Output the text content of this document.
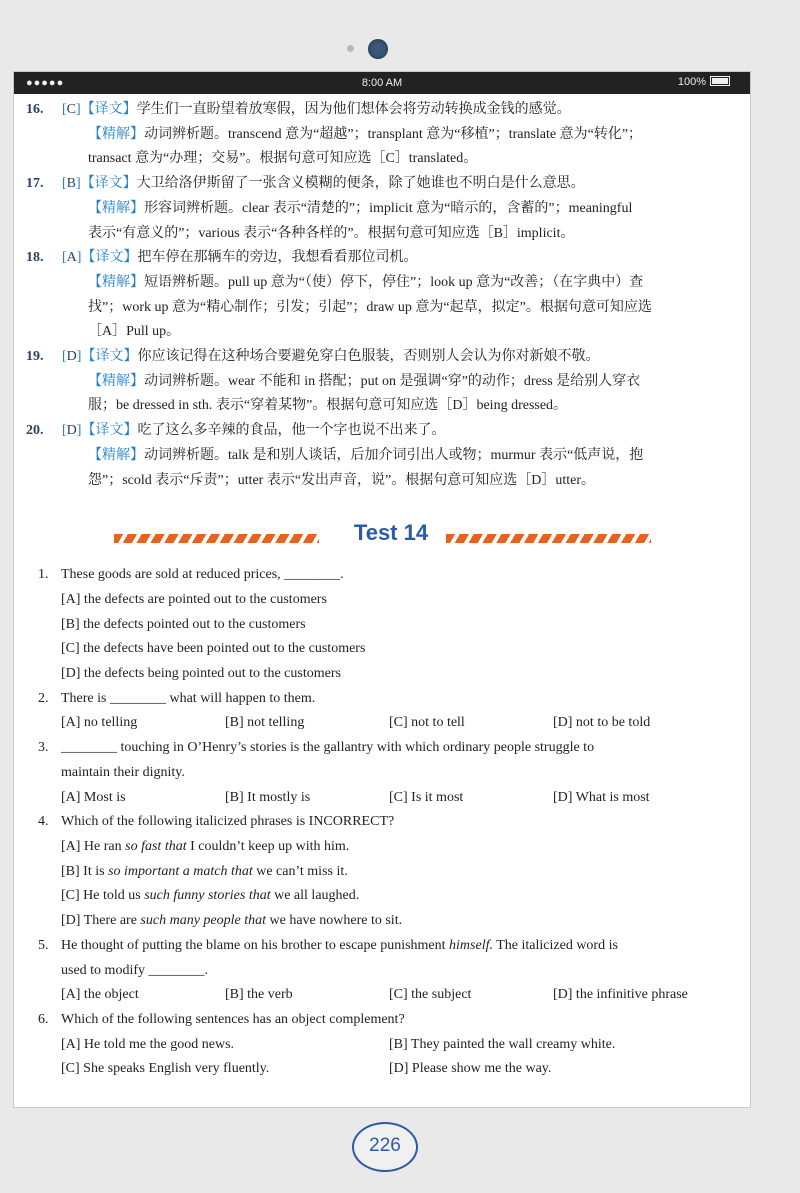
●●●●●	8:00 AM	100%
16. [C]【译文】学生们一直盼望着放寒假，因为他们想体会将劳动转换成金钱的感觉。
【精解】动词辨析题。transcend 意为“超越”；transplant 意为“移植”；translate 意为“转化”；
transact 意为“办理；交易”。根据句意可知应选［C］translated。
17. [B]【译文】大卫给洛伊斯留了一张含义模糊的便条，除了她谁也不明白是什么意思。
【精解】形容词辨析题。clear 表示“清楚的”；implicit 意为“暗示的，含蓄的”；meaningful
表示“有意义的”；various 表示“各种各样的”。根据句意可知应选［B］implicit。
18. [A]【译文】把车停在那辆车的旁边，我想看看那位司机。
【精解】短语辨析题。pull up 意为“（使）停下，停住”；look up 意为“改善；（在字典中）查
找”；work up 意为“精心制作；引发；引起”；draw up 意为“起草，拟定”。根据句意可知应选
［A］Pull up。
19. [D]【译文】你应该记得在这种场合要避免穿白色服装，否则别人会认为你对新娘不敬。
【精解】动词辨析题。wear 不能和 in 搭配；put on 是强调“穿”的动作；dress 是给别人穿衣
服；be dressed in sth. 表示“穿着某物”。根据句意可知应选［D］being dressed。
20. [D]【译文】吃了这么多辛辣的食品，他一个字也说不出来了。
【精解】动词辨析题。talk 是和别人谈话，后加介词引出人或物；murmur 表示“低声说，抱
怨”；scold 表示“斥责”；utter 表示“发出声音，说”。根据句意可知应选［D］utter。
Test 14
1. These goods are sold at reduced prices, ________.
[A] the defects are pointed out to the customers
[B] the defects pointed out to the customers
[C] the defects have been pointed out to the customers
[D] the defects being pointed out to the customers
2. There is ________ what will happen to them.
[A] no telling	[B] not telling	[C] not to tell	[D] not to be told
3. ________ touching in O’Henry’s stories is the gallantry with which ordinary people struggle to
maintain their dignity.
[A] Most is	[B] It mostly is	[C] Is it most	[D] What is most
4. Which of the following italicized phrases is INCORRECT?
[A] He ran so fast that I couldn’t keep up with him.
[B] It is so important a match that we can’t miss it.
[C] He told us such funny stories that we all laughed.
[D] There are such many people that we have nowhere to sit.
5. He thought of putting the blame on his brother to escape punishment himself. The italicized word is
used to modify ________.
[A] the object	[B] the verb	[C] the subject	[D] the infinitive phrase
6. Which of the following sentences has an object complement?
[A] He told me the good news.	[B] They painted the wall creamy white.
[C] She speaks English very fluently.	[D] Please show me the way.
226
